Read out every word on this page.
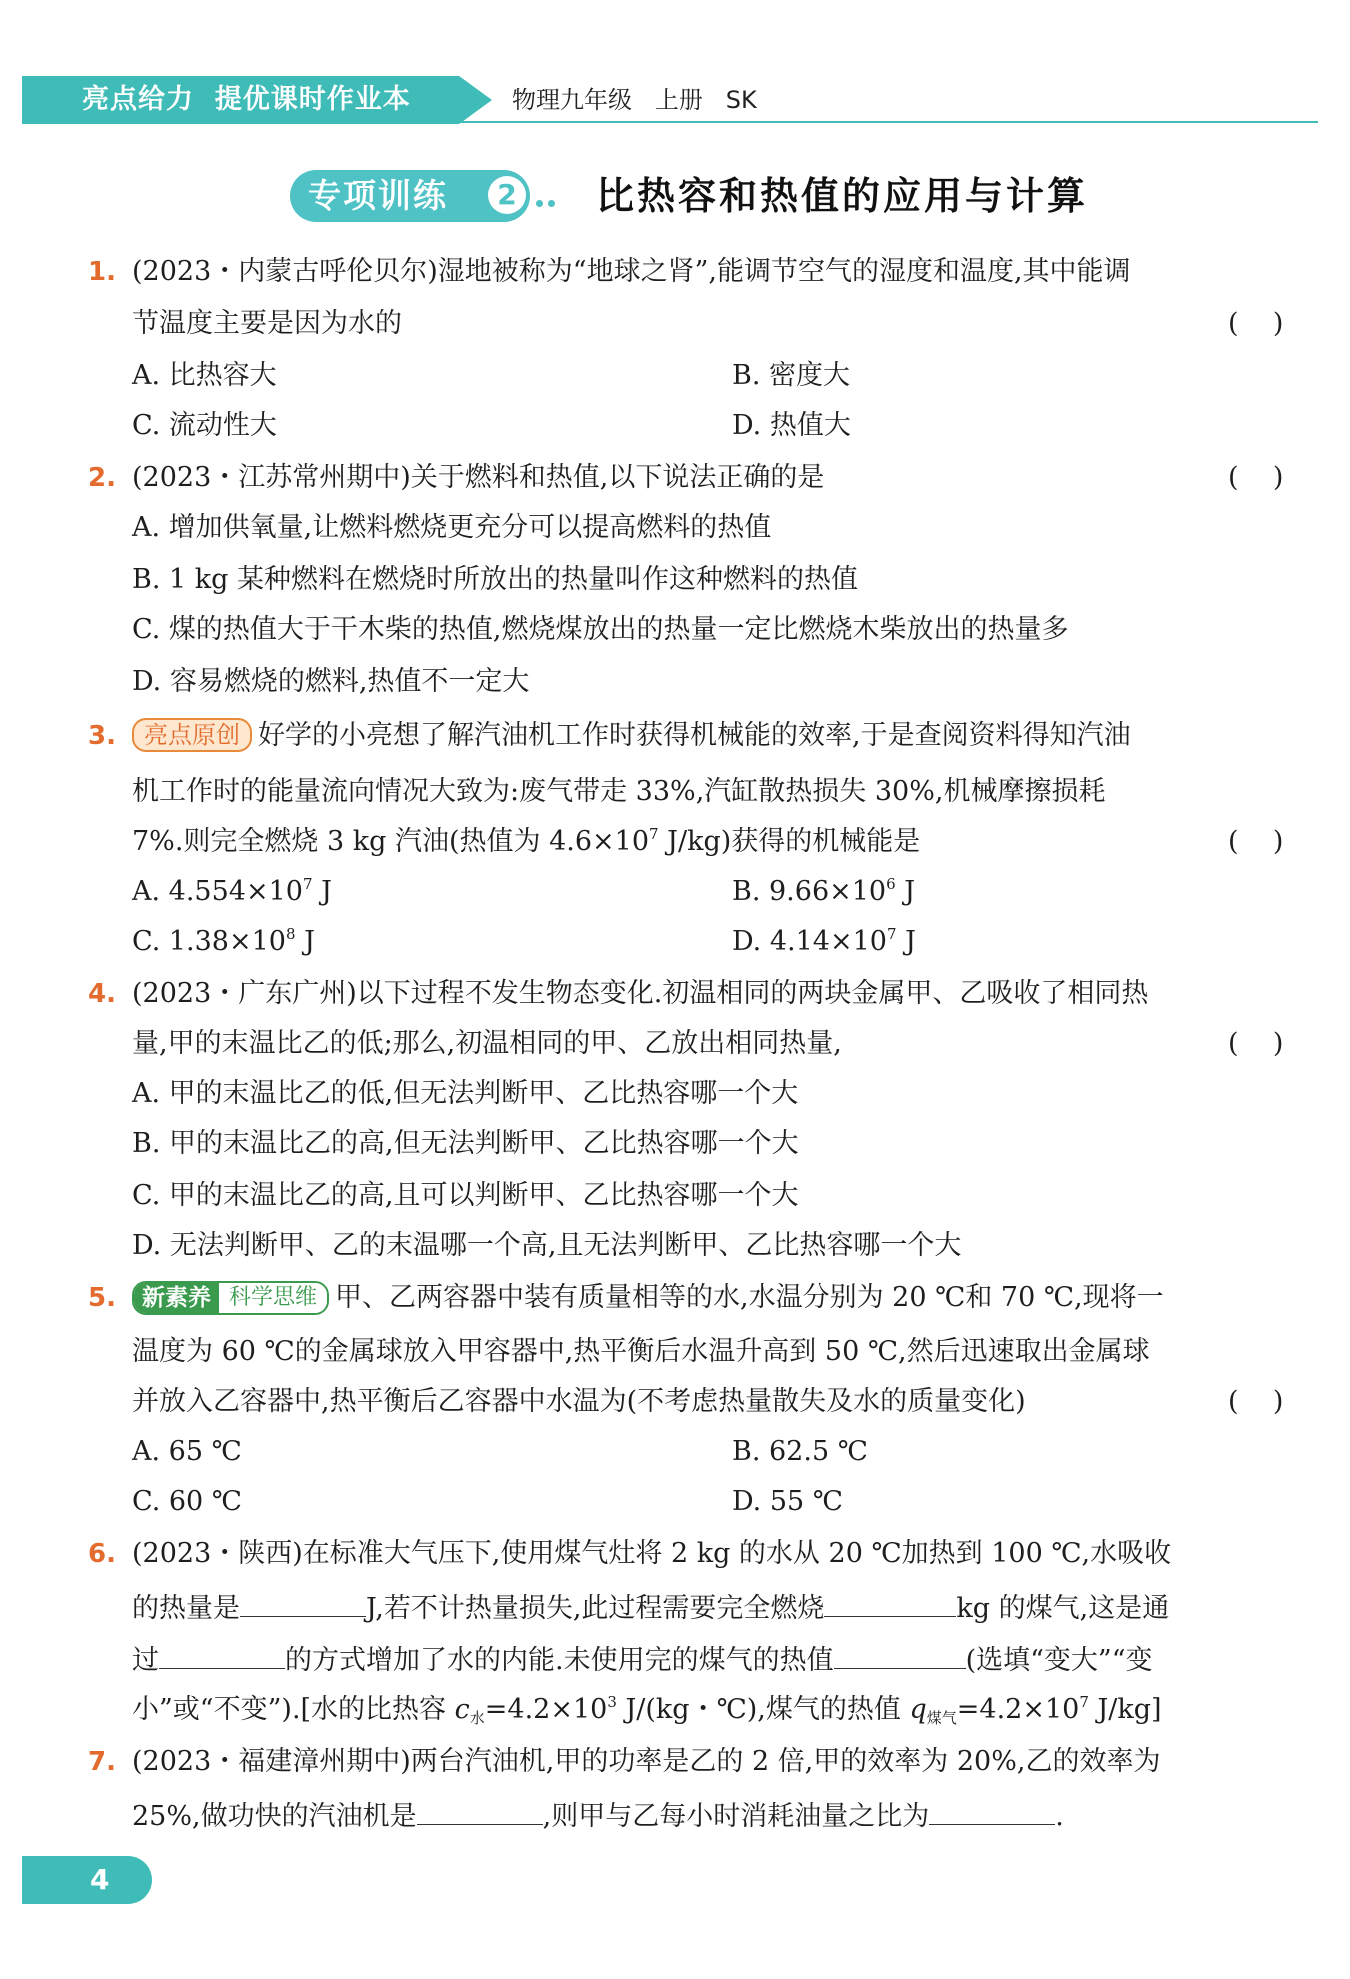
亮点给力  提优课时作业本	物理九年级   上册   SK
专项训练	2 比热容和热值的应用与计算
1. (2023・内蒙古呼伦贝尔)湿地被称为“地球之肾”,能调节空气的湿度和温度,其中能调
节温度主要是因为水的	(    )
A. 比热容大	B. 密度大
C. 流动性大	D. 热值大
2. (2023・江苏常州期中)关于燃料和热值,以下说法正确的是	(    )
A. 增加供氧量,让燃料燃烧更充分可以提高燃料的热值
B. 1 kg 某种燃料在燃烧时所放出的热量叫作这种燃料的热值
C. 煤的热值大于干木柴的热值,燃烧煤放出的热量一定比燃烧木柴放出的热量多
D. 容易燃烧的燃料,热值不一定大
3.	亮点原创 好学的小亮想了解汽油机工作时获得机械能的效率,于是查阅资料得知汽油
机工作时的能量流向情况大致为:废气带走 33%,汽缸散热损失 30%,机械摩擦损耗
7%.则完全燃烧 3 kg 汽油(热值为 $4.6\times 10^7$ J/kg)获得的机械能是	(    )
A. $4.554\times 10^7$ J	B. $9.66\times 10^6$ J
C. $1.38\times 10^8$ J	D. $4.14\times 10^7$ J
4. (2023・广东广州)以下过程不发生物态变化.初温相同的两块金属甲、乙吸收了相同热
量,甲的末温比乙的低;那么,初温相同的甲、乙放出相同热量,	(    )
A. 甲的末温比乙的低,但无法判断甲、乙比热容哪一个大
B. 甲的末温比乙的高,但无法判断甲、乙比热容哪一个大
C. 甲的末温比乙的高,且可以判断甲、乙比热容哪一个大
D. 无法判断甲、乙的末温哪一个高,且无法判断甲、乙比热容哪一个大
5.	新素养 科学思维 甲、乙两容器中装有质量相等的水,水温分别为 20 ℃和 70 ℃,现将一
温度为 60 ℃的金属球放入甲容器中,热平衡后水温升高到 50 ℃,然后迅速取出金属球
并放入乙容器中,热平衡后乙容器中水温为(不考虑热量散失及水的质量变化)	(    )
A. 65 ℃	B. 62.5 ℃
C. 60 ℃	D. 55 ℃
6. (2023・陕西)在标准大气压下,使用煤气灶将 2 kg 的水从 20 ℃加热到 100 ℃,水吸收
的热量是	J,若不计热量损失,此过程需要完全燃烧	kg 的煤气,这是通
过	的方式增加了水的内能.未使用完的煤气的热值	(选填“变大”“变
小”或“不变”).[水的比热容 $c_水=4.2\times 10^3$ J/(kg・℃),煤气的热值 $q_{煤气}=4.2\times 10^7$ J/kg]
7. (2023・福建漳州期中)两台汽油机,甲的功率是乙的 2 倍,甲的效率为 20%,乙的效率为
25%,做功快的汽油机是	,则甲与乙每小时消耗油量之比为	.
4
